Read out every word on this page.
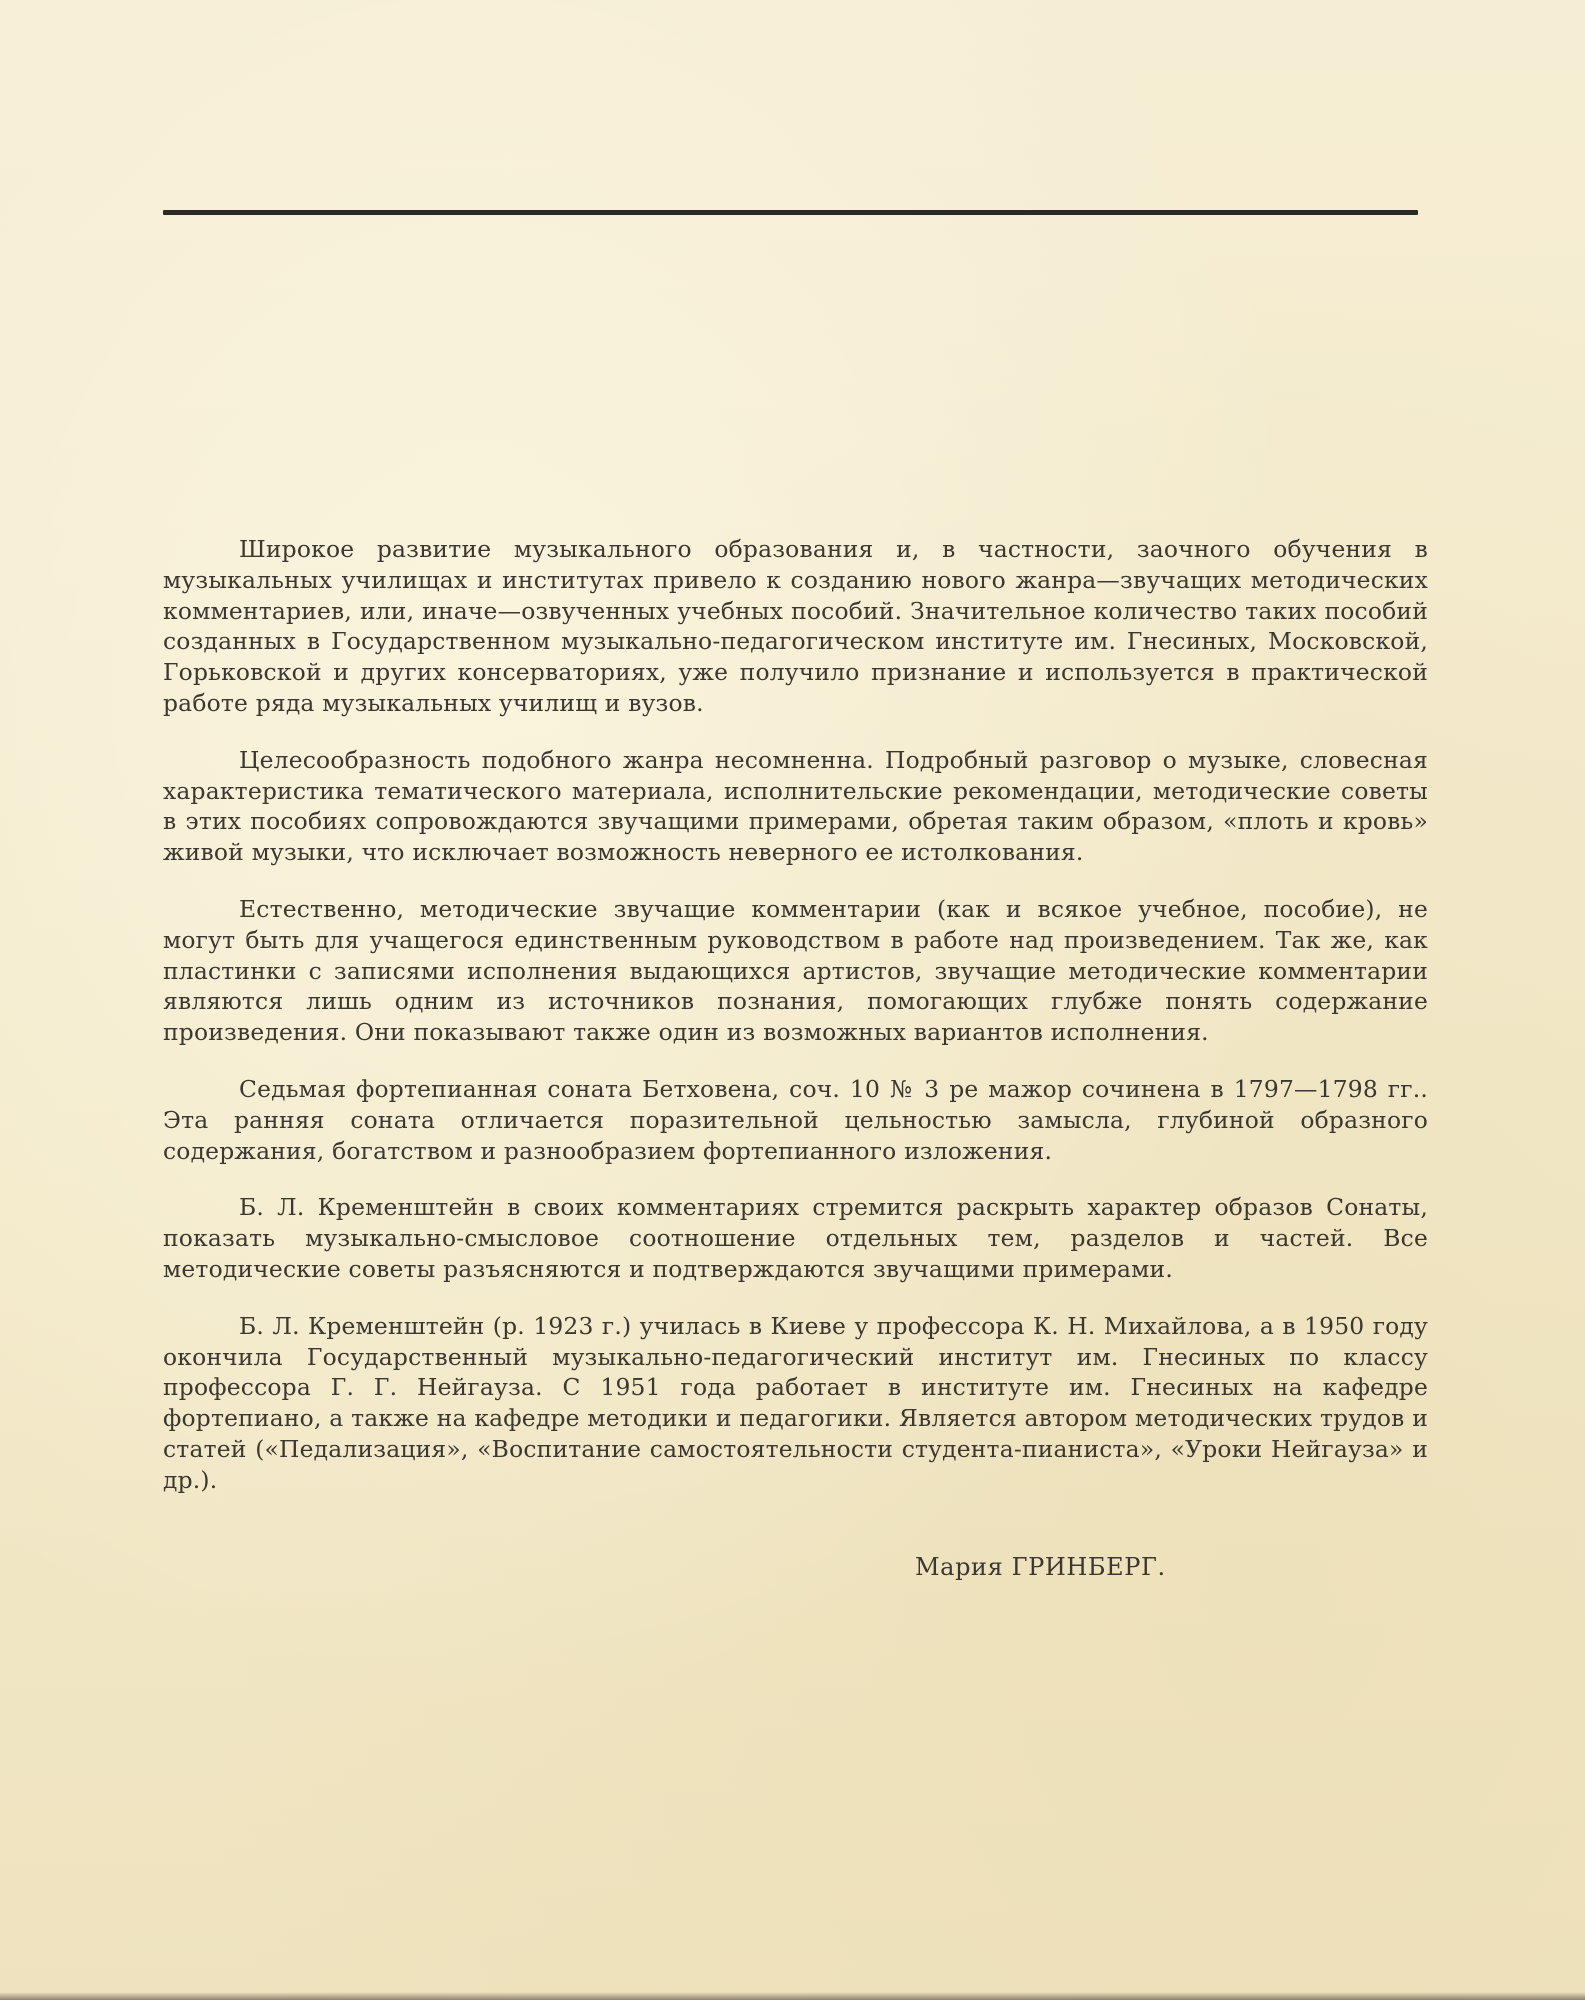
Широкое развитие музыкального образования и, в частности, заочного обучения в музыкальных училищах и институтах привело к созданию нового жанра—звучащих методических комментариев, или, иначе—озвученных учебных пособий. Значительное количество таких пособий созданных в Государственном музыкально-педагогическом институте им. Гнесиных, Московской, Горьковской и других консерваториях, уже получило признание и используется в практической работе ряда музыкальных училищ и вузов.

Целесообразность подобного жанра несомненна. Подробный разговор о музыке, словесная характеристика тематического материала, исполнительские рекомендации, методические советы в этих пособиях сопровождаются звучащими примерами, обретая таким образом, «плоть и кровь» живой музыки, что исключает возможность неверного ее истолкования.

Естественно, методические звучащие комментарии (как и всякое учебное, пособие), не могут быть для учащегося единственным руководством в работе над произведением. Так же, как пластинки с записями исполнения выдающихся артистов, звучащие методические комментарии являются лишь одним из источников познания, помогающих глубже понять содержание произведения. Они показывают также один из возможных вариантов исполнения.

Седьмая фортепианная соната Бетховена, соч. 10 № 3 ре мажор сочинена в 1797—1798 гг.. Эта ранняя соната отличается поразительной цельностью замысла, глубиной образного содержания, богатством и разнообразием фортепианного изложения.

Б. Л. Кременштейн в своих комментариях стремится раскрыть характер образов Сонаты, показать музыкально-смысловое соотношение отдельных тем, разделов и частей. Все методические советы разъясняются и подтверждаются звучащими примерами.

Б. Л. Кременштейн (р. 1923 г.) училась в Киеве у профессора К. Н. Михайлова, а в 1950 году окончила Государственный музыкально-педагогический институт им. Гнесиных по классу профессора Г. Г. Нейгауза. С 1951 года работает в институте им. Гнесиных на кафедре фортепиано, а также на кафедре методики и педагогики. Является автором методических трудов и статей («Педализация», «Воспитание самостоятельности студента-пианиста», «Уроки Нейгауза» и др.).

Мария ГРИНБЕРГ.
